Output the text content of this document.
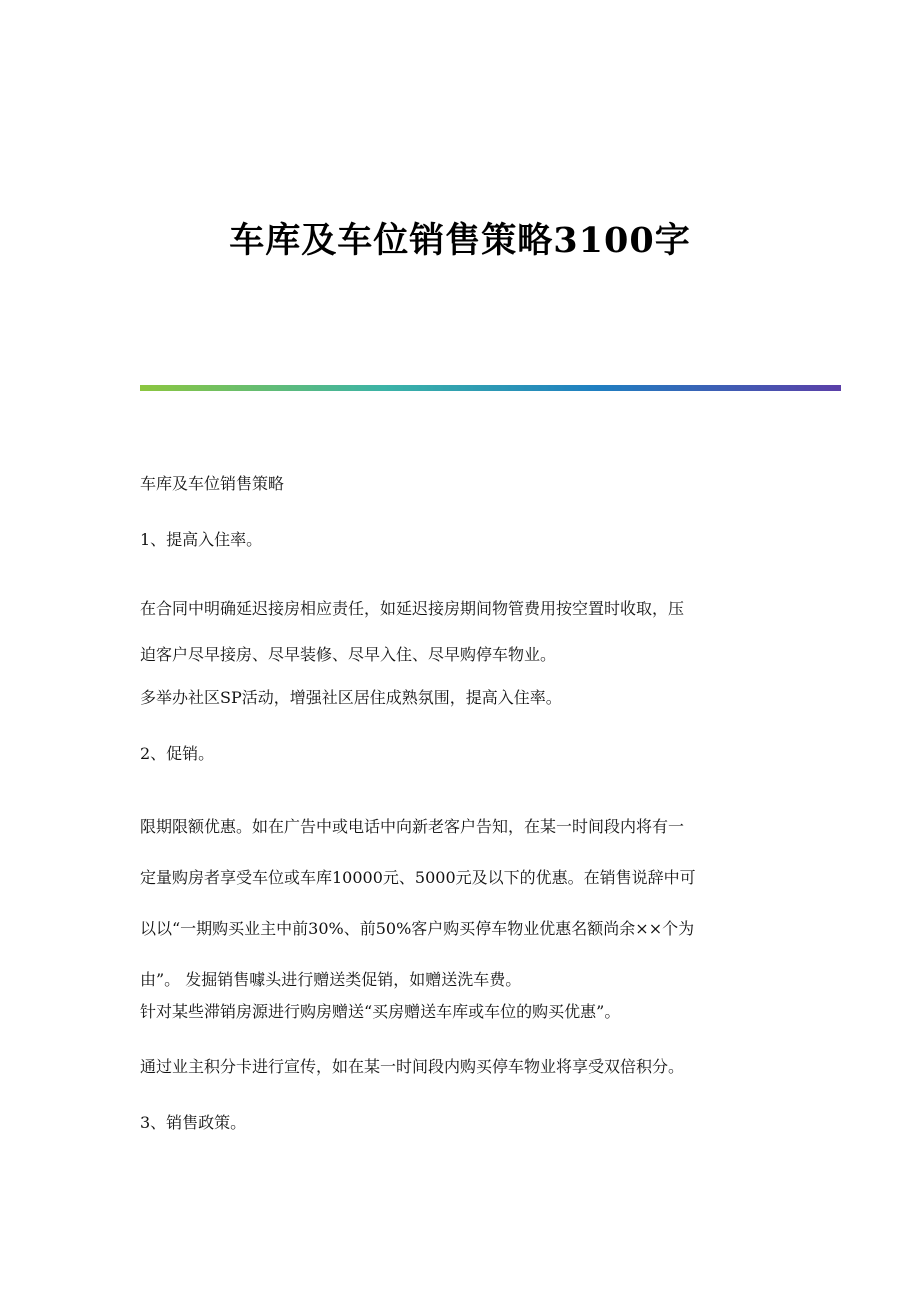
车库及车位销售策略3100字
车库及车位销售策略
1、提高入住率。
在合同中明确延迟接房相应责任，如延迟接房期间物管费用按空置时收取，压
迫客户尽早接房、尽早装修、尽早入住、尽早购停车物业。
多举办社区SP活动，增强社区居住成熟氛围，提高入住率。
2、促销。
限期限额优惠。如在广告中或电话中向新老客户告知，在某一时间段内将有一
定量购房者享受车位或车库10000元、5000元及以下的优惠。在销售说辞中可
以以“一期购买业主中前30%、前50%客户购买停车物业优惠名额尚余××个为
由”。 发掘销售噱头进行赠送类促销，如赠送洗车费。
针对某些滞销房源进行购房赠送“买房赠送车库或车位的购买优惠”。
通过业主积分卡进行宣传，如在某一时间段内购买停车物业将享受双倍积分。
3、销售政策。
